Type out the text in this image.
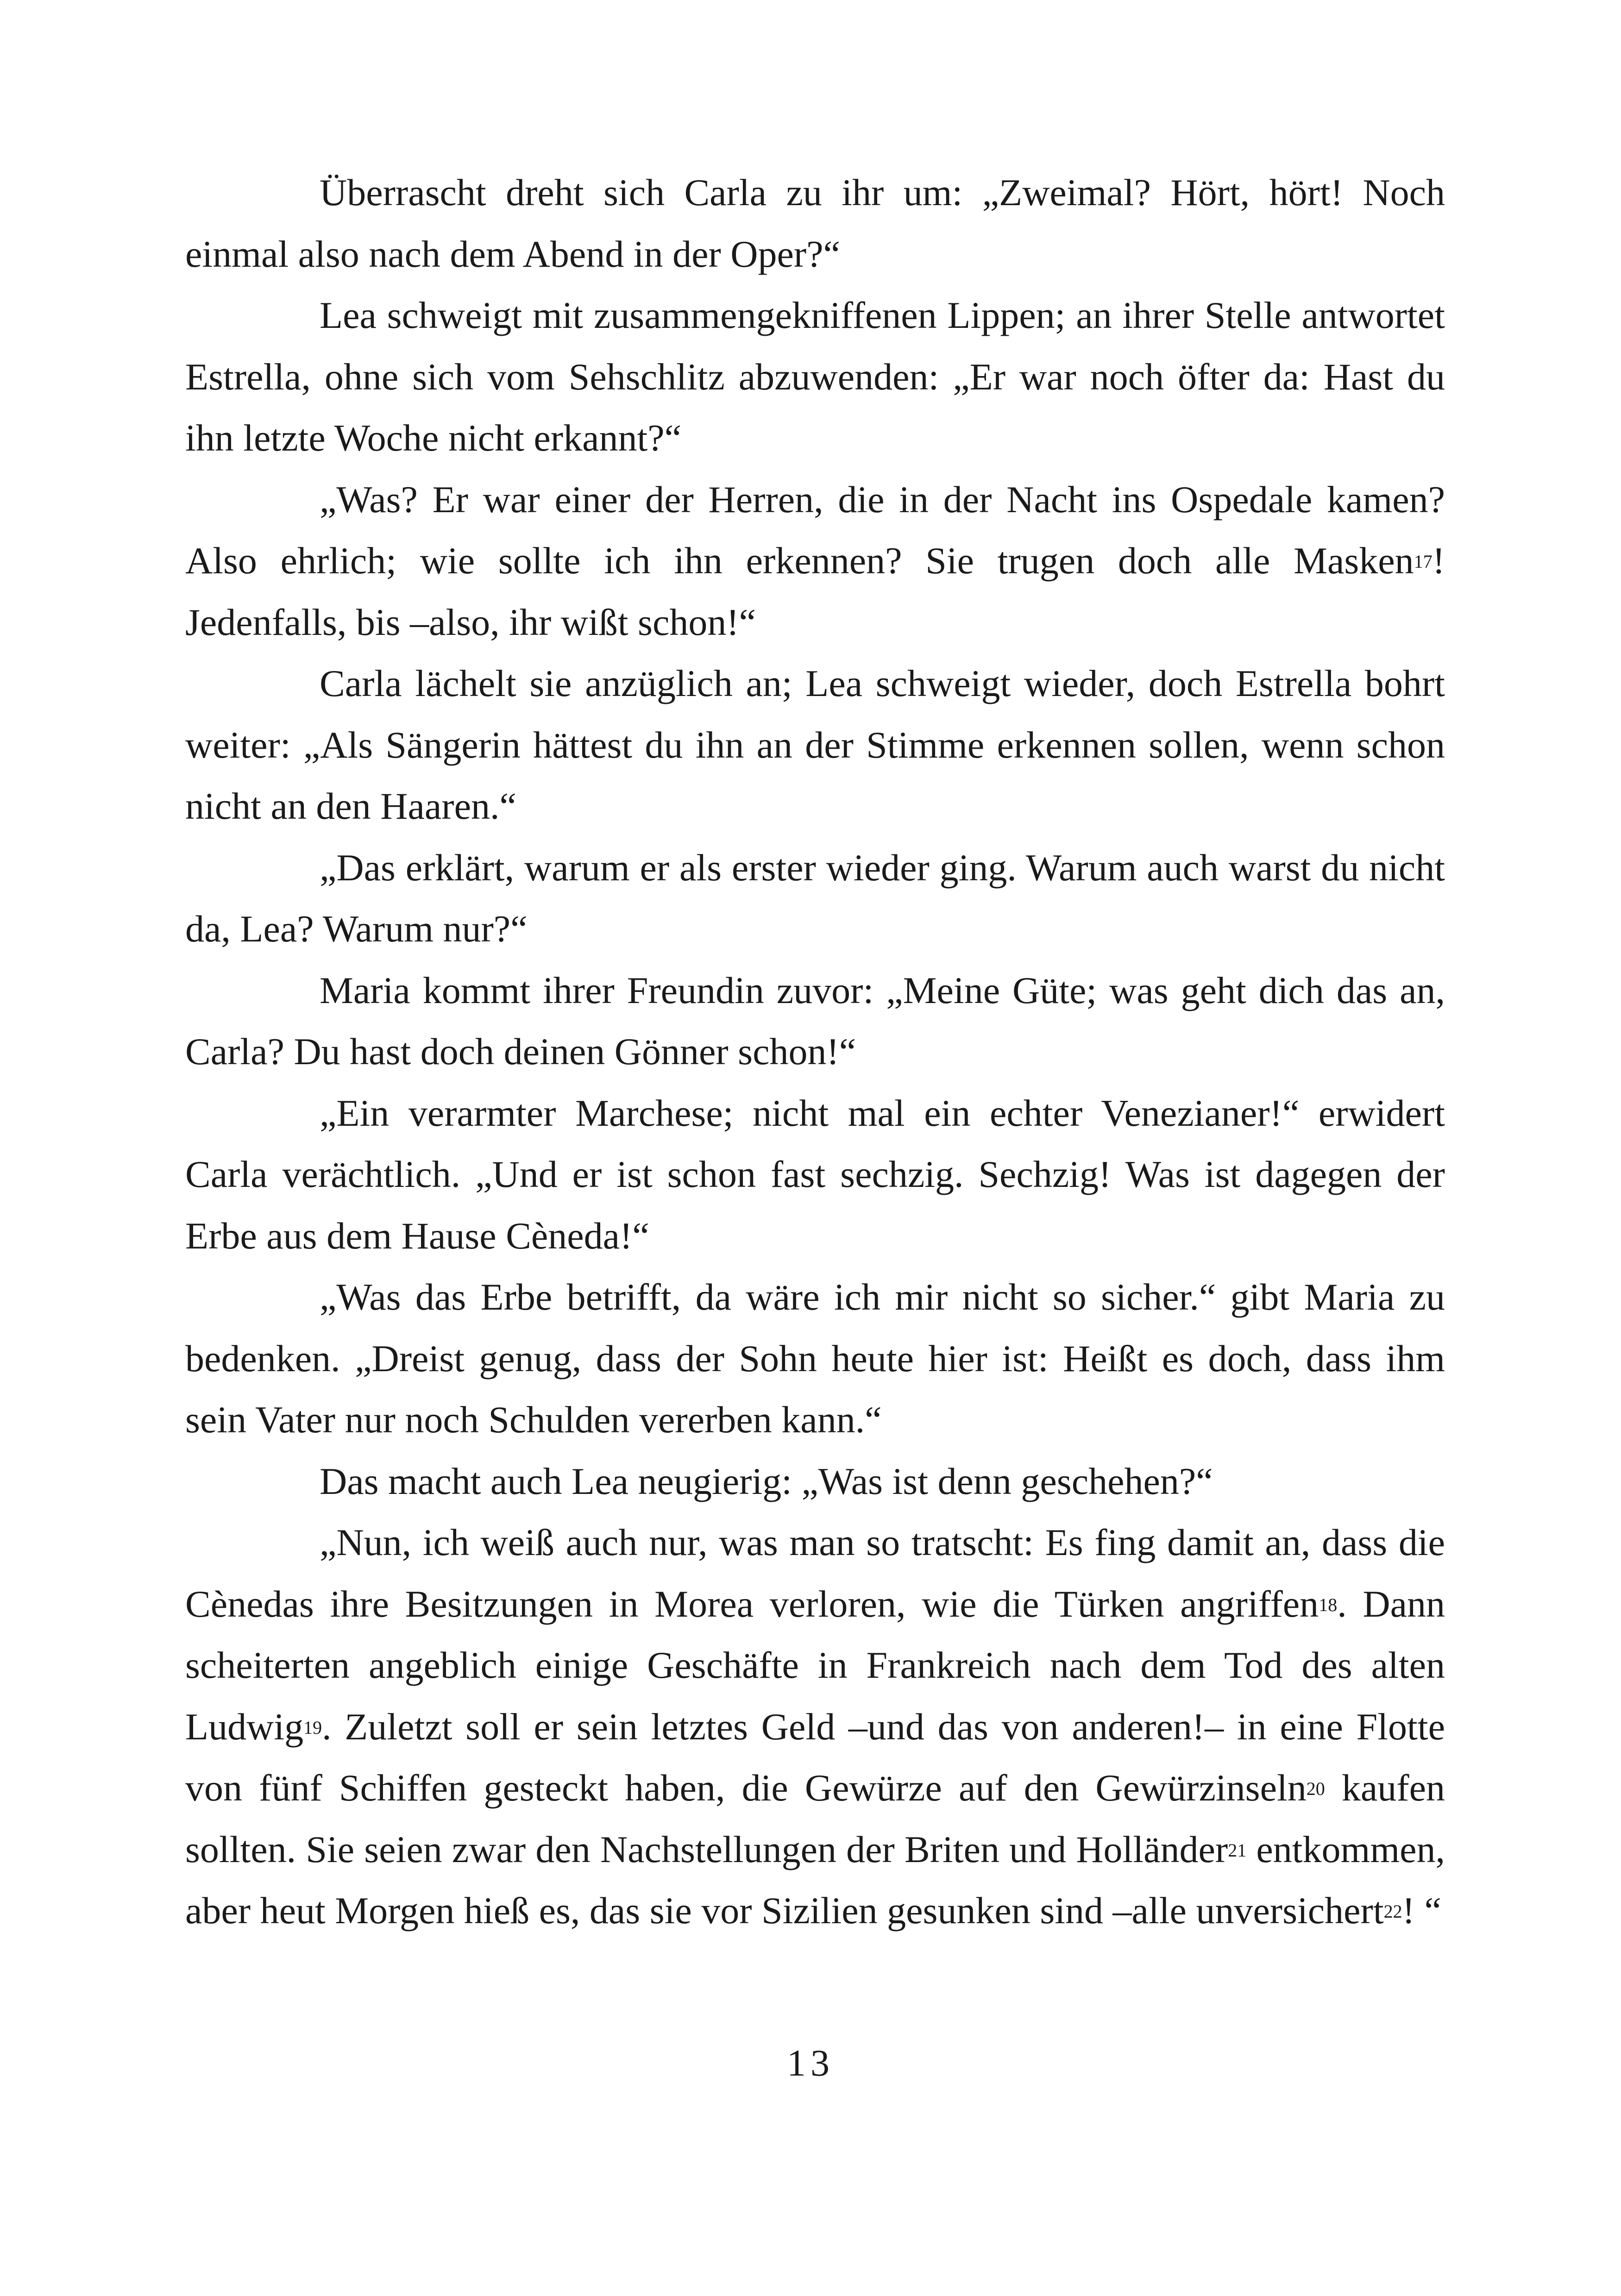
Überrascht dreht sich Carla zu ihr um: „Zweimal? Hört, hört! Noch einmal also nach dem Abend in der Oper?“

Lea schweigt mit zusammengekniffenen Lippen; an ihrer Stelle antwortet Estrella, ohne sich vom Sehschlitz abzuwenden: „Er war noch öfter da: Hast du ihn letzte Woche nicht erkannt?“

„Was? Er war einer der Herren, die in der Nacht ins Ospedale kamen? Also ehrlich; wie sollte ich ihn erkennen? Sie trugen doch alle Masken$^{17}$! Jedenfalls, bis –also, ihr wißt schon!“

Carla lächelt sie anzüglich an; Lea schweigt wieder, doch Estrella bohrt weiter: „Als Sängerin hättest du ihn an der Stimme erkennen sollen, wenn schon nicht an den Haaren.“

„Das erklärt, warum er als erster wieder ging. Warum auch warst du nicht da, Lea? Warum nur?“

Maria kommt ihrer Freundin zuvor: „Meine Güte; was geht dich das an, Carla? Du hast doch deinen Gönner schon!“

„Ein verarmter Marchese; nicht mal ein echter Venezianer!“ erwidert Carla verächtlich. „Und er ist schon fast sechzig. Sechzig! Was ist dagegen der Erbe aus dem Hause Cèneda!“

„Was das Erbe betrifft, da wäre ich mir nicht so sicher.“ gibt Maria zu bedenken. „Dreist genug, dass der Sohn heute hier ist: Heißt es doch, dass ihm sein Vater nur noch Schulden vererben kann.“

Das macht auch Lea neugierig: „Was ist denn geschehen?“

„Nun, ich weiß auch nur, was man so tratscht: Es fing damit an, dass die Cènedas ihre Besitzungen in Morea verloren, wie die Türken angriffen$^{18}$. Dann scheiterten angeblich einige Geschäfte in Frankreich nach dem Tod des alten Ludwig$^{19}$. Zuletzt soll er sein letztes Geld –und das von anderen!– in eine Flotte von fünf Schiffen gesteckt haben, die Gewürze auf den Gewürzinseln$^{20}$ kaufen sollten. Sie seien zwar den Nachstellungen der Briten und Holländer$^{21}$ entkommen, aber heut Morgen hieß es, das sie vor Sizilien gesunken sind –alle unversichert$^{22}$! “

13
